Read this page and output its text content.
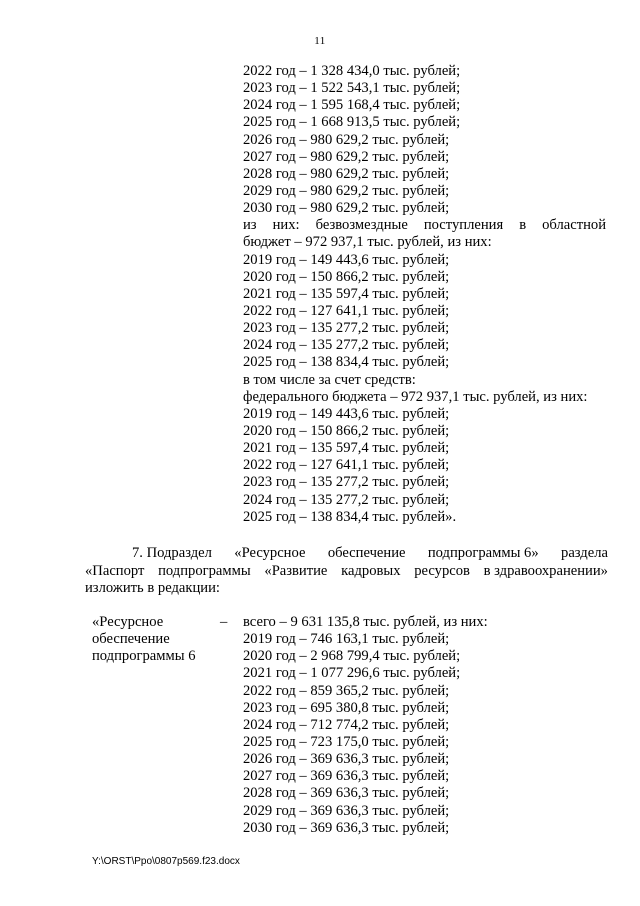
11
2022 год – 1 328 434,0 тыс. рублей;
2023 год – 1 522 543,1 тыс. рублей;
2024 год – 1 595 168,4 тыс. рублей;
2025 год – 1 668 913,5 тыс. рублей;
2026 год – 980 629,2 тыс. рублей;
2027 год – 980 629,2 тыс. рублей;
2028 год – 980 629,2 тыс. рублей;
2029 год – 980 629,2 тыс. рублей;
2030 год – 980 629,2 тыс. рублей;
из них: безвозмездные поступления в областной
бюджет – 972 937,1 тыс. рублей, из них:
2019 год – 149 443,6 тыс. рублей;
2020 год – 150 866,2 тыс. рублей;
2021 год – 135 597,4 тыс. рублей;
2022 год – 127 641,1 тыс. рублей;
2023 год – 135 277,2 тыс. рублей;
2024 год – 135 277,2 тыс. рублей;
2025 год – 138 834,4 тыс. рублей;
в том числе за счет средств:
федерального бюджета – 972 937,1 тыс. рублей, из них:
2019 год – 149 443,6 тыс. рублей;
2020 год – 150 866,2 тыс. рублей;
2021 год – 135 597,4 тыс. рублей;
2022 год – 127 641,1 тыс. рублей;
2023 год – 135 277,2 тыс. рублей;
2024 год – 135 277,2 тыс. рублей;
2025 год – 138 834,4 тыс. рублей».
7. Подраздел «Ресурсное обеспечение подпрограммы 6» раздела
«Паспорт подпрограммы «Развитие кадровых ресурсов в здравоохранении»
изложить в редакции:
«Ресурсное
обеспечение
подпрограммы 6
– всего – 9 631 135,8 тыс. рублей, из них:
2019 год – 746 163,1 тыс. рублей;
2020 год – 2 968 799,4 тыс. рублей;
2021 год – 1 077 296,6 тыс. рублей;
2022 год – 859 365,2 тыс. рублей;
2023 год – 695 380,8 тыс. рублей;
2024 год – 712 774,2 тыс. рублей;
2025 год – 723 175,0 тыс. рублей;
2026 год – 369 636,3 тыс. рублей;
2027 год – 369 636,3 тыс. рублей;
2028 год – 369 636,3 тыс. рублей;
2029 год – 369 636,3 тыс. рублей;
2030 год – 369 636,3 тыс. рублей;
Y:\ORST\Ppo\0807p569.f23.docx
